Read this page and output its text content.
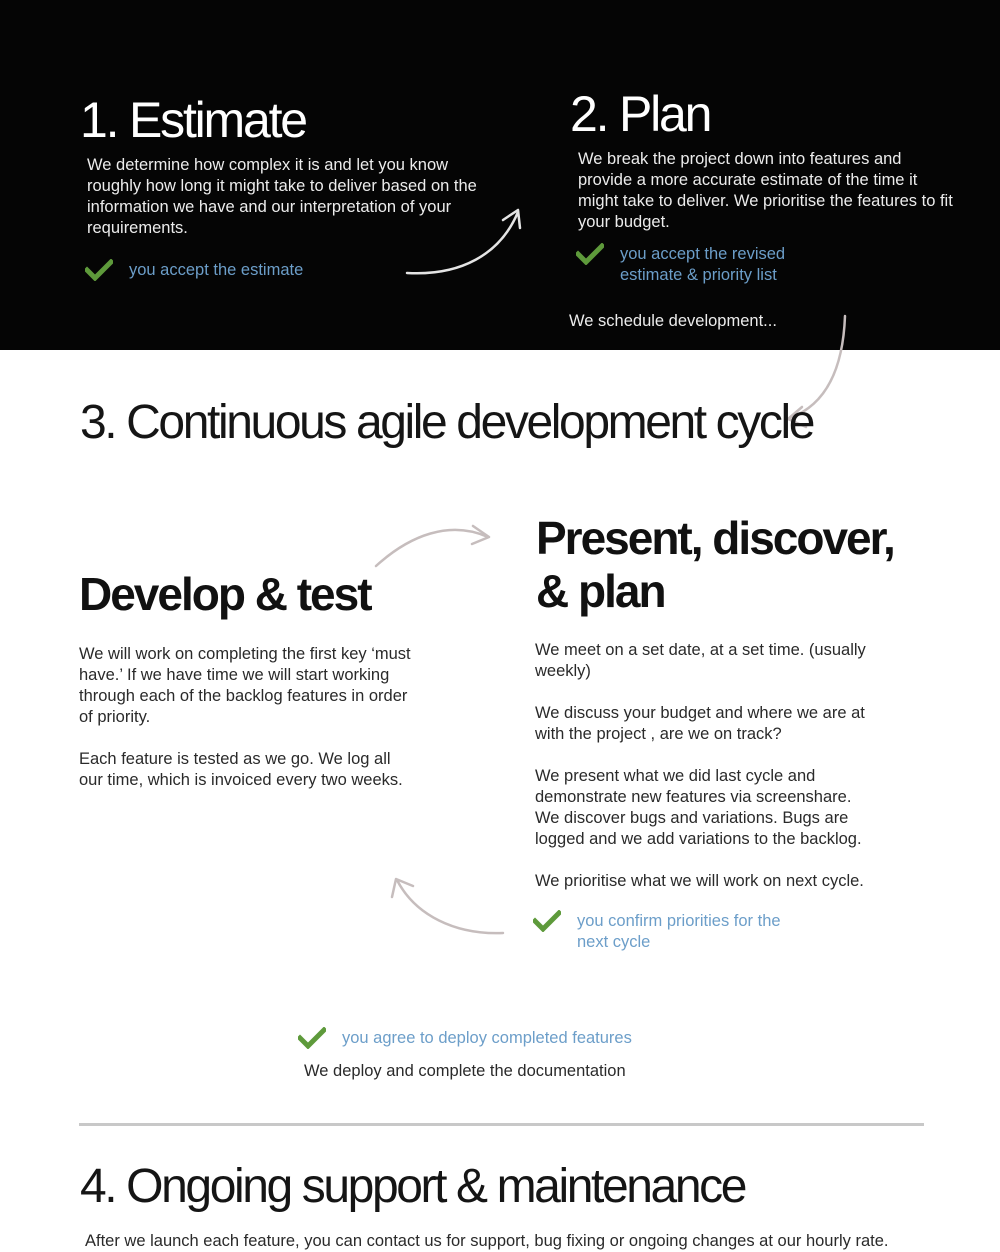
1. Estimate

We determine how complex it is and let you know roughly how long it might take to deliver based on the information we have and our interpretation of your requirements.

you accept the estimate
2. Plan

We break the project down into features and provide a more accurate estimate of the time it might take to deliver. We prioritise the features to fit your budget.

you accept the revised
estimate & priority list

We schedule development...

3. Continuous agile development cycle
Develop & test

We will work on completing the first key ‘must have.’ If we have time we will start working through each of the backlog features in order of priority.

Each feature is tested as we go. We log all our time, which is invoiced every two weeks.

Present, discover,
& plan

We meet on a set date, at a set time. (usually weekly)

We discuss your budget and where we are at with the project , are we on track?

We present what we did last cycle and demonstrate new features via screenshare. We discover bugs and variations. Bugs are logged and we add variations to the backlog.

We prioritise what we will work on next cycle.

you confirm priorities for the
next cycle
you agree to deploy completed features

We deploy and complete the documentation

4. Ongoing support & maintenance

After we launch each feature, you can contact us for support, bug fixing or ongoing changes at our hourly rate.
